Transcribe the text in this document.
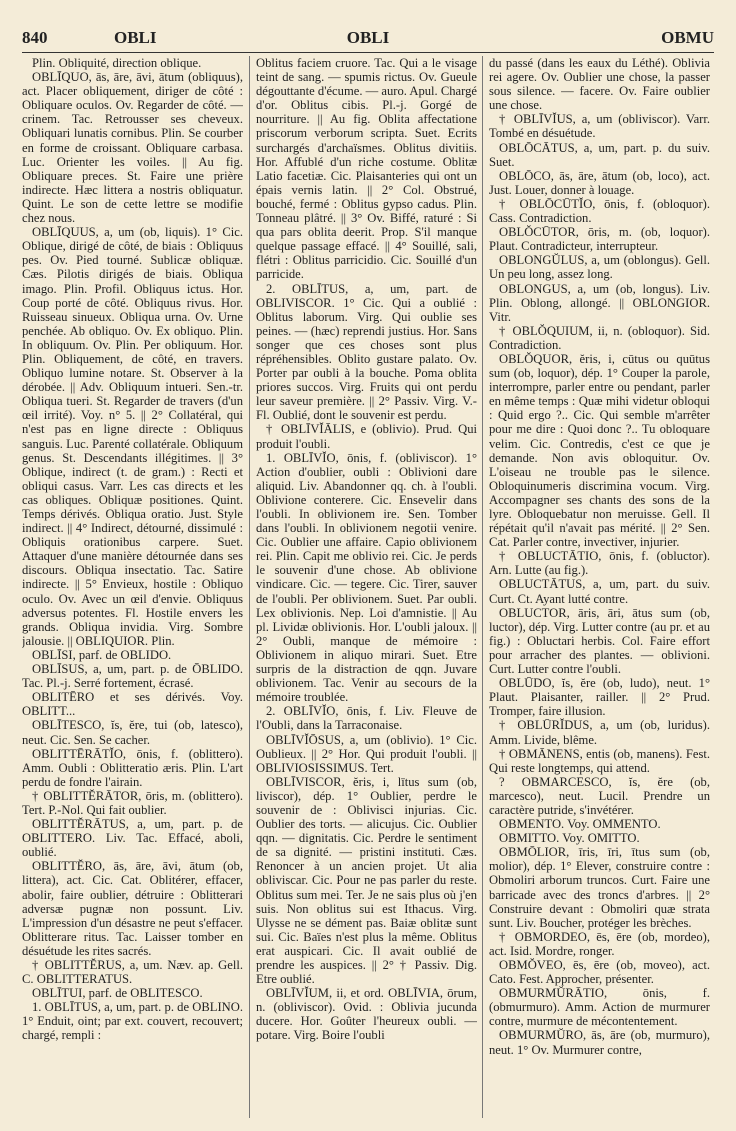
840	OBLI	OBLI	OBMU

Plin. Obliquité, direction oblique.

OBLĪQUO, ās, āre, āvi, ātum (obliquus), act. Placer obliquement, diriger de côté : Obliquare oculos. Ov. Regarder de côté. — crinem. Tac. Retrousser ses cheveux. Obliquari lunatis cornibus. Plin. Se courber en forme de croissant. Obliquare carbasa. Luc. Orienter les voiles. || Au fig. Obliquare preces. St. Faire une prière indirecte. Hæc littera a nostris obliquatur. Quint. Le son de cette lettre se modifie chez nous.

OBLĪQUUS, a, um (ob, liquis). 1° Cic. Oblique, dirigé de côté, de biais : Obliquus pes. Ov. Pied tourné. Sublicæ obliquæ. Cæs. Pilotis dirigés de biais. Obliqua imago. Plin. Profil. Obliquus ictus. Hor. Coup porté de côté. Obliquus rivus. Hor. Ruisseau sinueux. Obliqua urna. Ov. Urne penchée. Ab obliquo. Ov. Ex obliquo. Plin. In obliquum. Ov. Plin. Per obliquum. Hor. Plin. Obliquement, de côté, en travers. Obliquo lumine notare. St. Observer à la dérobée. || Adv. Obliquum intueri. Sen.-tr. Obliqua tueri. St. Regarder de travers (d'un œil irrité). Voy. n° 5. || 2° Collatéral, qui n'est pas en ligne directe : Obliquus sanguis. Luc. Parenté collatérale. Obliquum genus. St. Descendants illégitimes. || 3° Oblique, indirect (t. de gram.) : Recti et obliqui casus. Varr. Les cas directs et les cas obliques. Obliquæ positiones. Quint. Temps dérivés. Obliqua oratio. Just. Style indirect. || 4° Indirect, détourné, dissimulé : Obliquis orationibus carpere. Suet. Attaquer d'une manière détournée dans ses discours. Obliqua insectatio. Tac. Satire indirecte. || 5° Envieux, hostile : Obliquo oculo. Ov. Avec un œil d'envie. Obliquus adversus potentes. Fl. Hostile envers les grands. Obliqua invidia. Virg. Sombre jalousie. || OBLIQUIOR. Plin.

OBLĪSI, parf. de OBLIDO.

OBLĪSUS, a, um, part. p. de ŌBLIDO. Tac. Pl.-j. Serré fortement, écrasé.

OBLITĒRO et ses dérivés. Voy. OBLITT...

OBLĪTESCO, ĭs, ĕre, tui (ob, latesco), neut. Cic. Sen. Se cacher.

OBLITTĒRĀTĬO, ōnis, f. (oblittero). Amm. Oubli : Oblitteratio æris. Plin. L'art perdu de fondre l'airain.

† OBLITTĔRĀTOR, ōris, m. (oblittero). Tert. P.-Nol. Qui fait oublier.

OBLITTĔRĀTUS, a, um, part. p. de OBLITTERO. Liv. Tac. Effacé, aboli, oublié.

OBLITTĔRO, ās, āre, āvi, ātum (ob, littera), act. Cic. Cat. Oblitérer, effacer, abolir, faire oublier, détruire : Oblitterari adversæ pugnæ non possunt. Liv. L'impression d'un désastre ne peut s'effacer. Oblitterare ritus. Tac. Laisser tomber en désuétude les rites sacrés.

† OBLITTĔRUS, a, um. Næv. ap. Gell. C. OBLITTERATUS.

OBLĪTUI, parf. de OBLITESCO.

1. OBLĪTUS, a, um, part. p. de OBLINO. 1° Enduit, oint; par ext. couvert, recouvert; chargé, rempli :

Oblitus faciem cruore. Tac. Qui a le visage teint de sang. — spumis rictus. Ov. Gueule dégouttante d'écume. — auro. Apul. Chargé d'or. Oblitus cibis. Pl.-j. Gorgé de nourriture. || Au fig. Oblita affectatione priscorum verborum scripta. Suet. Ecrits surchargés d'archaïsmes. Oblitus divitiis. Hor. Affublé d'un riche costume. Oblitæ Latio facetiæ. Cic. Plaisanteries qui ont un épais vernis latin. || 2° Col. Obstrué, bouché, fermé : Oblitus gypso cadus. Plin. Tonneau plâtré. || 3° Ov. Biffé, raturé : Si qua pars oblita deerit. Prop. S'il manque quelque passage effacé. || 4° Souillé, sali, flétri : Oblitus parricidio. Cic. Souillé d'un parricide.

2. OBLĪTUS, a, um, part. de OBLIVISCOR. 1° Cic. Qui a oublié : Oblitus laborum. Virg. Qui oublie ses peines. — (hæc) reprendi justius. Hor. Sans songer que ces choses sont plus répréhensibles. Oblito gustare palato. Ov. Porter par oubli à la bouche. Poma oblita priores succos. Virg. Fruits qui ont perdu leur saveur première. || 2° Passiv. Virg. V.-Fl. Oublié, dont le souvenir est perdu.

† OBLĪVĬĀLIS, e (oblivio). Prud. Qui produit l'oubli.

1. OBLĪVĬO, ōnis, f. (obliviscor). 1° Action d'oublier, oubli : Oblivioni dare aliquid. Liv. Abandonner qq. ch. à l'oubli. Oblivione conterere. Cic. Ensevelir dans l'oubli. In oblivionem ire. Sen. Tomber dans l'oubli. In oblivionem negotii venire. Cic. Oublier une affaire. Capio oblivionem rei. Plin. Capit me oblivio rei. Cic. Je perds le souvenir d'une chose. Ab oblivione vindicare. Cic. — tegere. Cic. Tirer, sauver de l'oubli. Per oblivionem. Suet. Par oubli. Lex oblivionis. Nep. Loi d'amnistie. || Au pl. Lividæ oblivionis. Hor. L'oubli jaloux. || 2° Oubli, manque de mémoire : Oblivionem in aliquo mirari. Suet. Etre surpris de la distraction de qqn. Juvare oblivionem. Tac. Venir au secours de la mémoire troublée.

2. OBLĪVĬO, ōnis, f. Liv. Fleuve de l'Oubli, dans la Tarraconaise.

OBLĪVĬŌSUS, a, um (oblivio). 1° Cic. Oublieux. || 2° Hor. Qui produit l'oubli. || OBLIVIOSISSIMUS. Tert.

OBLĪVISCOR, ĕris, i, lītus sum (ob, liviscor), dép. 1° Oublier, perdre le souvenir de : Oblivisci injurias. Cic. Oublier des torts. — alicujus. Cic. Oublier qqn. — dignitatis. Cic. Perdre le sentiment de sa dignité. — pristini instituti. Cæs. Renoncer à un ancien projet. Ut alia obliviscar. Cic. Pour ne pas parler du reste. Oblitus sum mei. Ter. Je ne sais plus où j'en suis. Non oblitus sui est Ithacus. Virg. Ulysse ne se dément pas. Baiæ oblitæ sunt sui. Cic. Baïes n'est plus la même. Oblitus erat auspicari. Cic. Il avait oublié de prendre les auspices. || 2° † Passiv. Dig. Etre oublié.

OBLĪVĬUM, ii, et ord. OBLĪVIA, ōrum, n. (obliviscor). Ovid. : Oblivia jucunda ducere. Hor. Goûter l'heureux oubli. — potare. Virg. Boire l'oubli

du passé (dans les eaux du Léthé). Oblivia rei agere. Ov. Oublier une chose, la passer sous silence. — facere. Ov. Faire oublier une chose.

† OBLĪVĬUS, a, um (obliviscor). Varr. Tombé en désuétude.

OBLŌCĀTUS, a, um, part. p. du suiv. Suet.

OBLŌCO, ās, āre, ātum (ob, loco), act. Just. Louer, donner à louage.

† OBLŌCŪTĬO, ōnis, f. (obloquor). Cass. Contradiction.

OBLŎCŪTOR, ōris, m. (ob, loquor). Plaut. Contradicteur, interrupteur.

OBLONGŬLUS, a, um (oblongus). Gell. Un peu long, assez long.

OBLONGUS, a, um (ob, longus). Liv. Plin. Oblong, allongé. || OBLONGIOR. Vitr.

† OBLŎQUIUM, ii, n. (obloquor). Sid. Contradiction.

OBLŎQUOR, ĕris, i, cūtus ou quūtus sum (ob, loquor), dép. 1° Couper la parole, interrompre, parler entre ou pendant, parler en même temps : Quæ mihi videtur obloqui : Quid ergo ?.. Cic. Qui semble m'arrêter pour me dire : Quoi donc ?.. Tu obloquare velim. Cic. Contredis, c'est ce que je demande. Non avis obloquitur. Ov. L'oiseau ne trouble pas le silence. Obloquinumeris discrimina vocum. Virg. Accompagner ses chants des sons de la lyre. Obloquebatur non meruisse. Gell. Il répétait qu'il n'avait pas mérité. || 2° Sen. Cat. Parler contre, invectiver, injurier.

† OBLUCTĀTIO, ōnis, f. (obluctor). Arn. Lutte (au fig.).

OBLUCTĀTUS, a, um, part. du suiv. Curt. Ct. Ayant lutté contre.

OBLUCTOR, āris, āri, ātus sum (ob, luctor), dép. Virg. Lutter contre (au pr. et au fig.) : Obluctari herbis. Col. Faire effort pour arracher des plantes. — oblivioni. Curt. Lutter contre l'oubli.

OBLŪDO, ĭs, ĕre (ob, ludo), neut. 1° Plaut. Plaisanter, railler. || 2° Prud. Tromper, faire illusion.

† OBLŪRĬDUS, a, um (ob, luridus). Amm. Livide, blême.

† OBMĀNENS, entis (ob, manens). Fest. Qui reste longtemps, qui attend.

? OBMARCESCO, ĭs, ĕre (ob, marcesco), neut. Lucil. Prendre un caractère putride, s'invétérer.

OBMENTO. Voy. OMMENTO.

OBMITTO. Voy. OMITTO.

OBMŌLIOR, īris, īri, ītus sum (ob, molior), dép. 1° Elever, construire contre : Obmoliri arborum truncos. Curt. Faire une barricade avec des troncs d'arbres. || 2° Construire devant : Obmoliri quæ strata sunt. Liv. Boucher, protéger les brèches.

† OBMORDEO, ēs, ēre (ob, mordeo), act. Isid. Mordre, ronger.

OBMŎVEO, ēs, ēre (ob, moveo), act. Cato. Fest. Approcher, présenter.

OBMURMŬRĀTIO, ōnis, f. (obmurmuro). Amm. Action de murmurer contre, murmure de mécontentement.

OBMURMŬRO, ās, āre (ob, murmuro), neut. 1° Ov. Murmurer contre,
